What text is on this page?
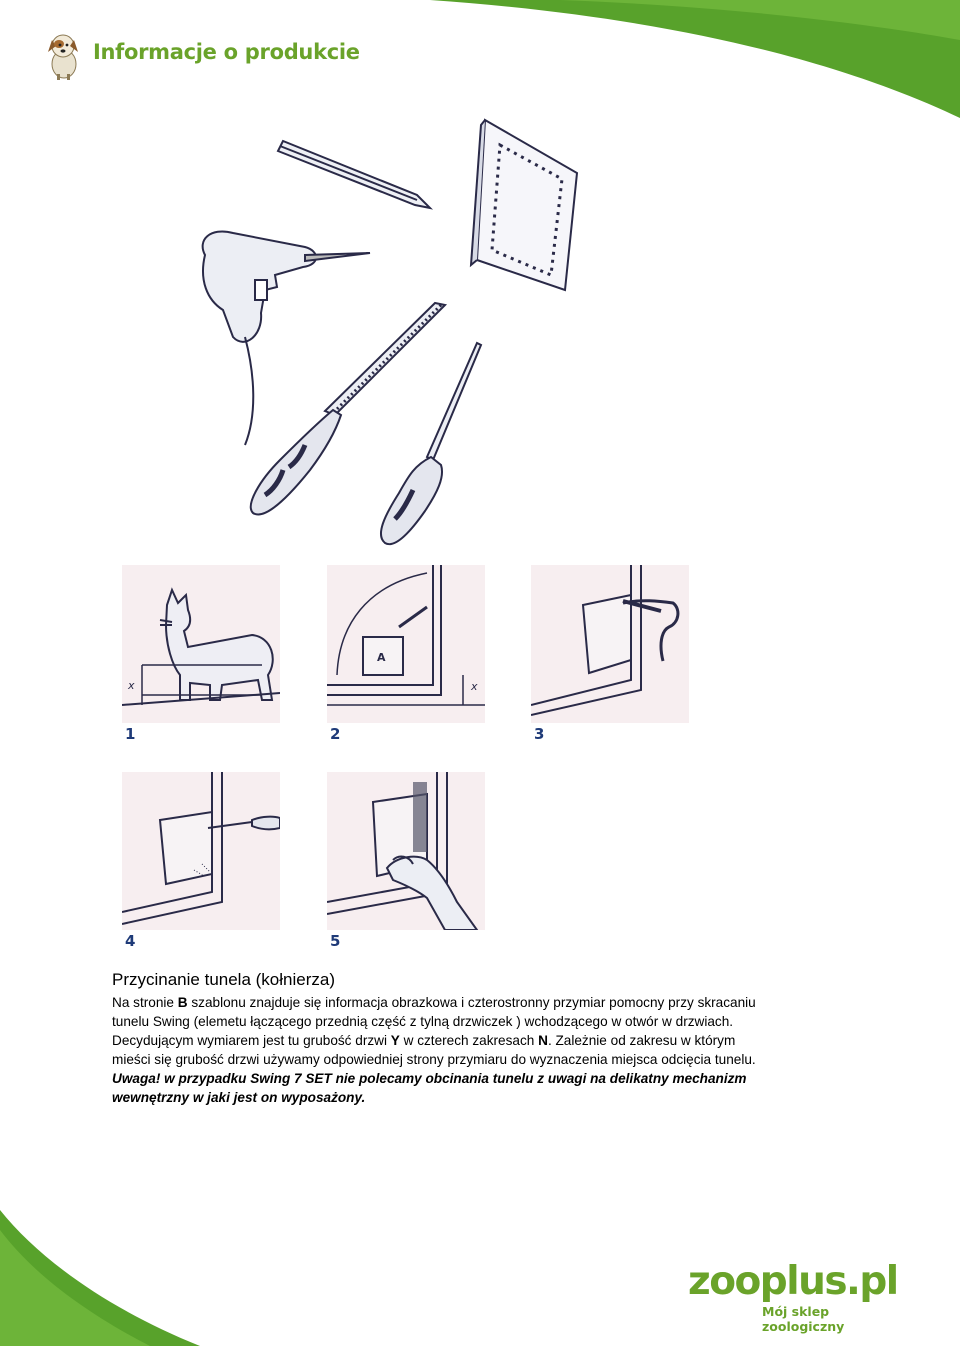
Informacje o produkcie
x
1
A
x
2	3
4	5
Przycinanie tunela (kołnierza)
Na stronie B szablonu znajduje się informacja obrazkowa i czterostronny przymiar pomocny przy skracaniu
tunelu Swing (elemetu łączącego przednią część z tylną drzwiczek ) wchodzącego w otwór w drzwiach.
Decydującym wymiarem jest tu grubość drzwi Y w czterech zakresach N. Zależnie od zakresu w którym
mieści się grubość drzwi używamy odpowiedniej strony przymiaru do wyznaczenia miejsca odcięcia tunelu.
Uwaga! w przypadku Swing 7 SET nie polecamy obcinania tunelu z uwagi na delikatny mechanizm
wewnętrzny w jaki jest on wyposażony.
zooplus.pl
Mój sklep zoologiczny
